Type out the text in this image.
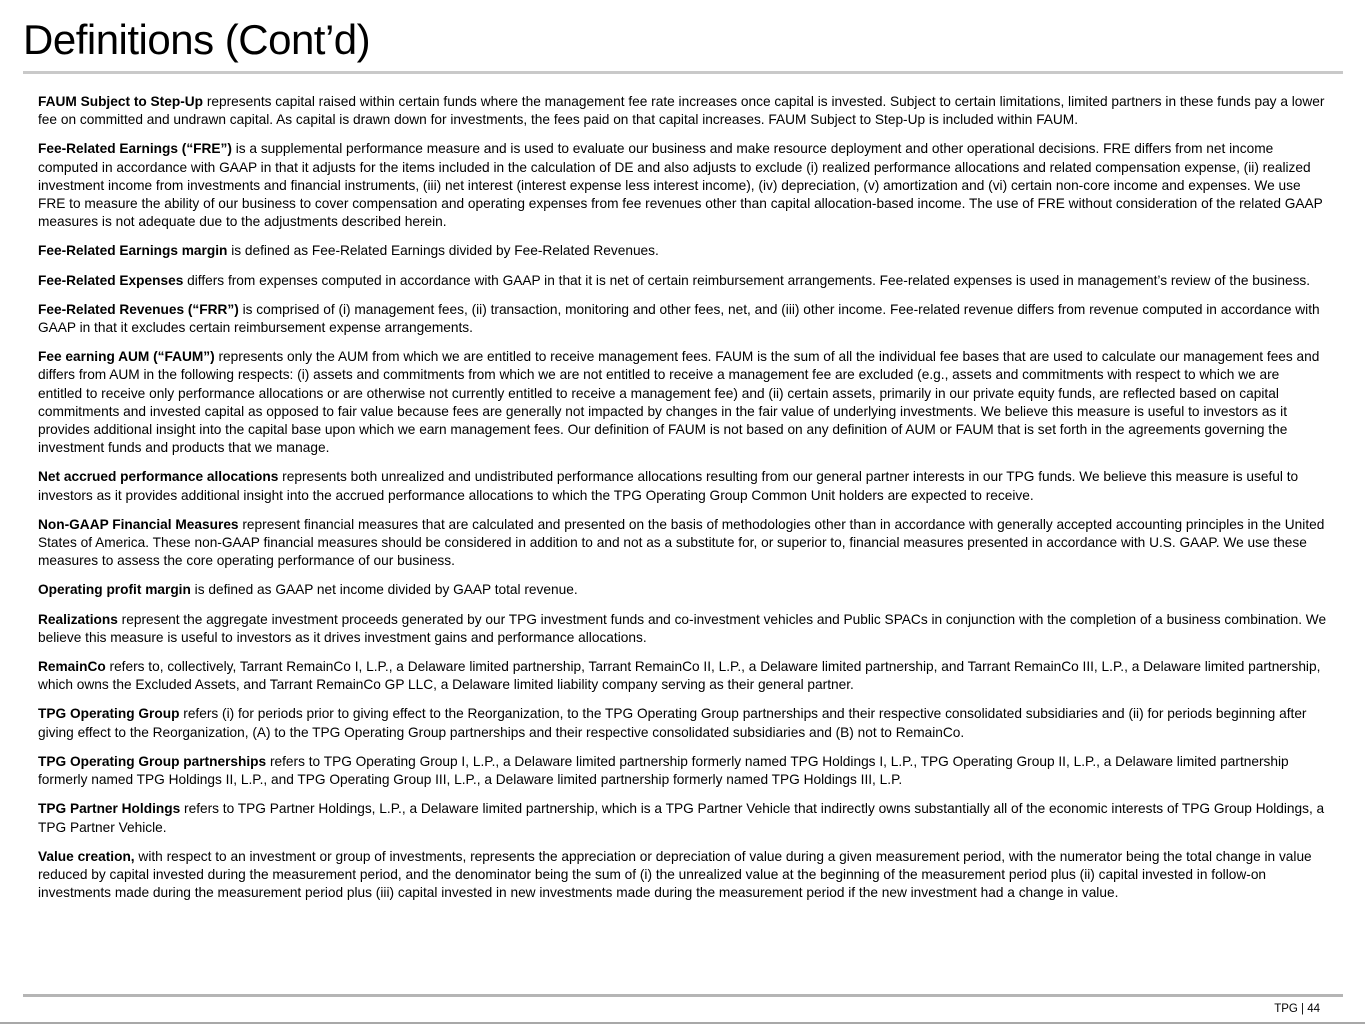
Definitions (Cont’d)

FAUM Subject to Step-Up represents capital raised within certain funds where the management fee rate increases once capital is invested. Subject to certain limitations, limited partners in these funds pay a lower fee on committed and undrawn capital. As capital is drawn down for investments, the fees paid on that capital increases. FAUM Subject to Step-Up is included within FAUM.

Fee-Related Earnings (“FRE”) is a supplemental performance measure and is used to evaluate our business and make resource deployment and other operational decisions. FRE differs from net income computed in accordance with GAAP in that it adjusts for the items included in the calculation of DE and also adjusts to exclude (i) realized performance allocations and related compensation expense, (ii) realized investment income from investments and financial instruments, (iii) net interest (interest expense less interest income), (iv) depreciation, (v) amortization and (vi) certain non-core income and expenses. We use FRE to measure the ability of our business to cover compensation and operating expenses from fee revenues other than capital allocation-based income. The use of FRE without consideration of the related GAAP measures is not adequate due to the adjustments described herein.

Fee-Related Earnings margin is defined as Fee-Related Earnings divided by Fee-Related Revenues.

Fee-Related Expenses differs from expenses computed in accordance with GAAP in that it is net of certain reimbursement arrangements. Fee-related expenses is used in management’s review of the business.

Fee-Related Revenues (“FRR”) is comprised of (i) management fees, (ii) transaction, monitoring and other fees, net, and (iii) other income. Fee-related revenue differs from revenue computed in accordance with GAAP in that it excludes certain reimbursement expense arrangements.

Fee earning AUM (“FAUM”) represents only the AUM from which we are entitled to receive management fees. FAUM is the sum of all the individual fee bases that are used to calculate our management fees and differs from AUM in the following respects: (i) assets and commitments from which we are not entitled to receive a management fee are excluded (e.g., assets and commitments with respect to which we are entitled to receive only performance allocations or are otherwise not currently entitled to receive a management fee) and (ii) certain assets, primarily in our private equity funds, are reflected based on capital commitments and invested capital as opposed to fair value because fees are generally not impacted by changes in the fair value of underlying investments. We believe this measure is useful to investors as it provides additional insight into the capital base upon which we earn management fees. Our definition of FAUM is not based on any definition of AUM or FAUM that is set forth in the agreements governing the investment funds and products that we manage.

Net accrued performance allocations represents both unrealized and undistributed performance allocations resulting from our general partner interests in our TPG funds. We believe this measure is useful to investors as it provides additional insight into the accrued performance allocations to which the TPG Operating Group Common Unit holders are expected to receive.

Non-GAAP Financial Measures represent financial measures that are calculated and presented on the basis of methodologies other than in accordance with generally accepted accounting principles in the United States of America. These non-GAAP financial measures should be considered in addition to and not as a substitute for, or superior to, financial measures presented in accordance with U.S. GAAP. We use these measures to assess the core operating performance of our business.

Operating profit margin is defined as GAAP net income divided by GAAP total revenue.

Realizations represent the aggregate investment proceeds generated by our TPG investment funds and co-investment vehicles and Public SPACs in conjunction with the completion of a business combination. We believe this measure is useful to investors as it drives investment gains and performance allocations.

RemainCo refers to, collectively, Tarrant RemainCo I, L.P., a Delaware limited partnership, Tarrant RemainCo II, L.P., a Delaware limited partnership, and Tarrant RemainCo III, L.P., a Delaware limited partnership, which owns the Excluded Assets, and Tarrant RemainCo GP LLC, a Delaware limited liability company serving as their general partner.

TPG Operating Group refers (i) for periods prior to giving effect to the Reorganization, to the TPG Operating Group partnerships and their respective consolidated subsidiaries and (ii) for periods beginning after giving effect to the Reorganization, (A) to the TPG Operating Group partnerships and their respective consolidated subsidiaries and (B) not to RemainCo.

TPG Operating Group partnerships refers to TPG Operating Group I, L.P., a Delaware limited partnership formerly named TPG Holdings I, L.P., TPG Operating Group II, L.P., a Delaware limited partnership formerly named TPG Holdings II, L.P., and TPG Operating Group III, L.P., a Delaware limited partnership formerly named TPG Holdings III, L.P.

TPG Partner Holdings refers to TPG Partner Holdings, L.P., a Delaware limited partnership, which is a TPG Partner Vehicle that indirectly owns substantially all of the economic interests of TPG Group Holdings, a TPG Partner Vehicle.

Value creation, with respect to an investment or group of investments, represents the appreciation or depreciation of value during a given measurement period, with the numerator being the total change in value reduced by capital invested during the measurement period, and the denominator being the sum of (i) the unrealized value at the beginning of the measurement period plus (ii) capital invested in follow-on investments made during the measurement period plus (iii) capital invested in new investments made during the measurement period if the new investment had a change in value.

TPG | 44
